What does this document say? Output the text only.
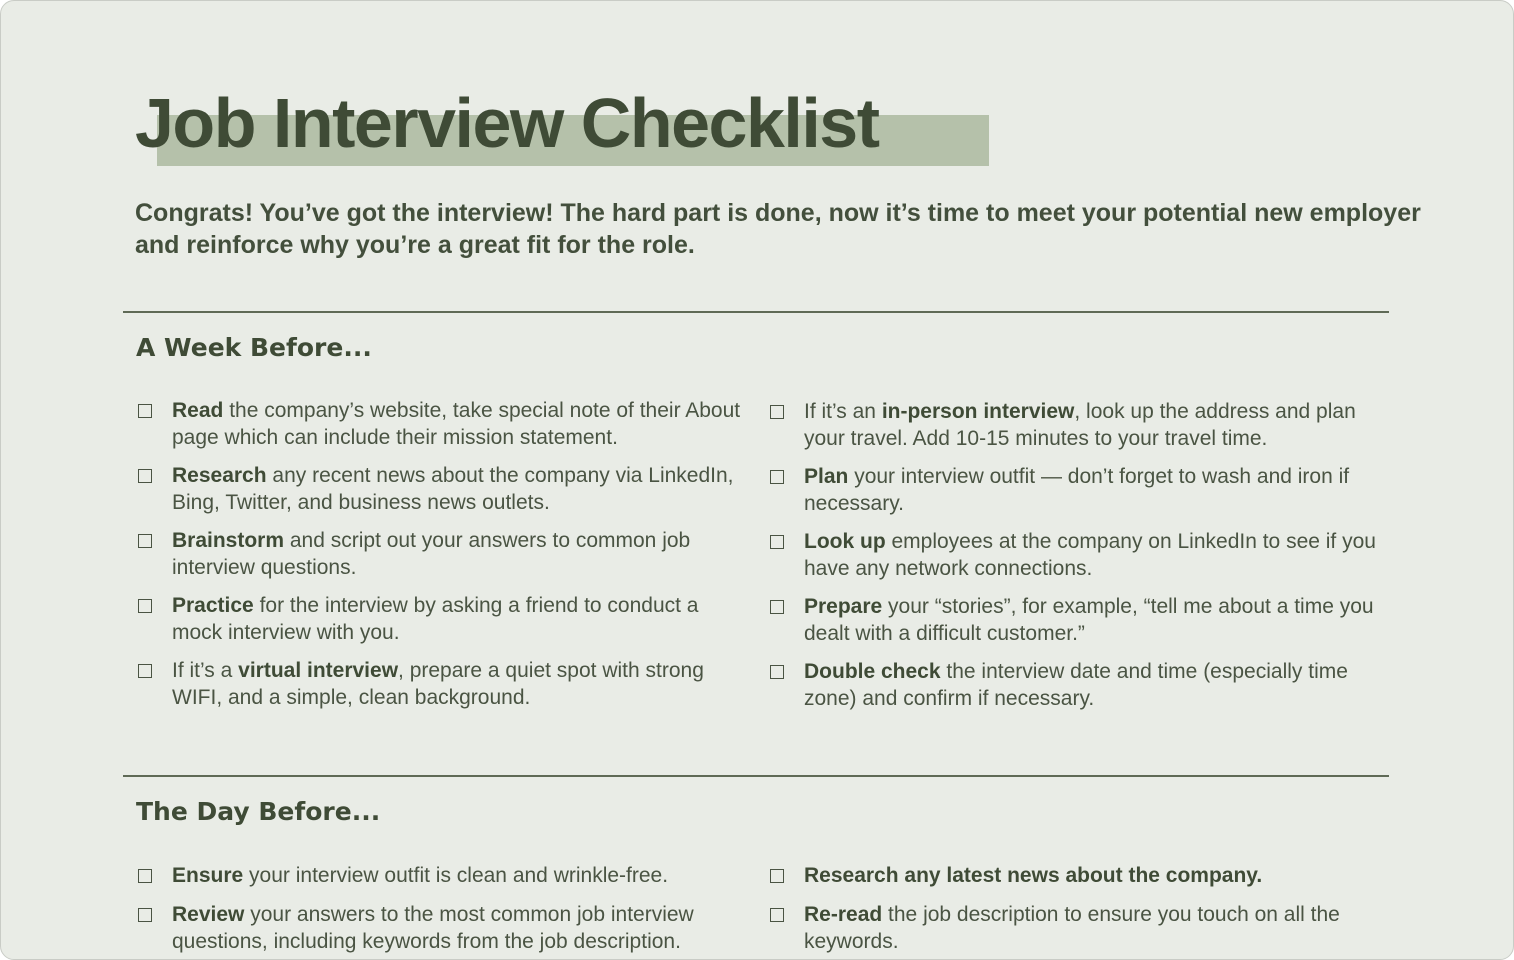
Job Interview Checklist

Congrats! You’ve got the interview! The hard part is done, now it’s time to meet your potential new employer and reinforce why you’re a great fit for the role.

A Week Before...
Read the company’s website, take special note of their About page which can include their mission statement.
Research any recent news about the company via LinkedIn, Bing, Twitter, and business news outlets.
Brainstorm and script out your answers to common job interview questions.
Practice for the interview by asking a friend to conduct a mock interview with you.
If it’s a virtual interview, prepare a quiet spot with strong WIFI, and a simple, clean background.
If it’s an in-person interview, look up the address and plan your travel. Add 10-15 minutes to your travel time.
Plan your interview outfit — don’t forget to wash and iron if necessary.
Look up employees at the company on LinkedIn to see if you have any network connections.
Prepare your “stories”, for example, “tell me about a time you dealt with a difficult customer.”
Double check the interview date and time (especially time zone) and confirm if necessary.
The Day Before...
Ensure your interview outfit is clean and wrinkle-free.
Review your answers to the most common job interview questions, including keywords from the job description.
Research any latest news about the company.
Re-read the job description to ensure you touch on all the keywords.
